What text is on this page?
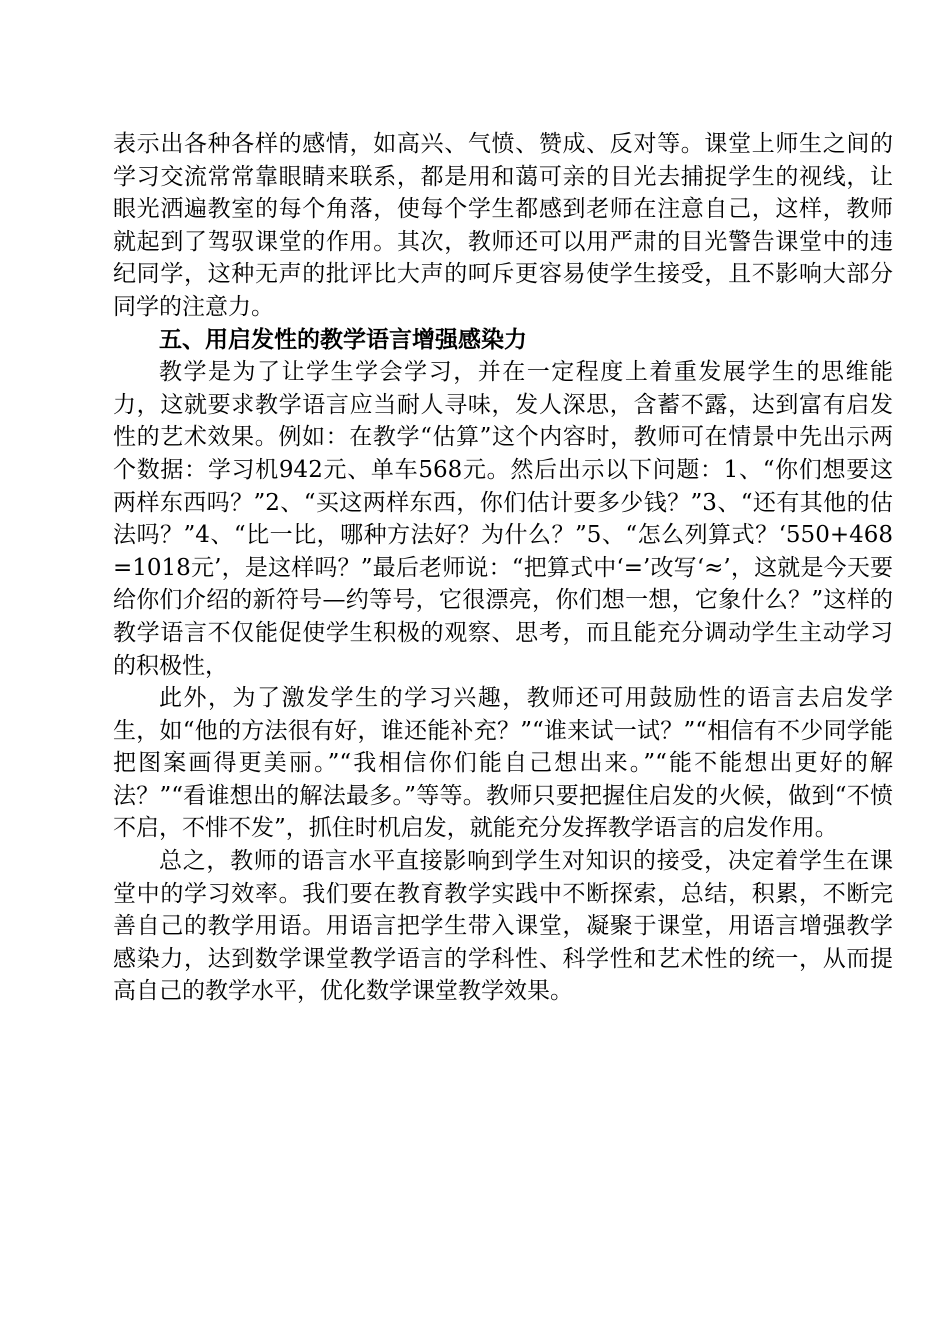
表示出各种各样的感情，如高兴、气愤、赞成、反对等。课堂上师生之间的学习交流常常靠眼睛来联系，都是用和蔼可亲的目光去捕捉学生的视线，让眼光洒遍教室的每个角落，使每个学生都感到老师在注意自己，这样，教师就起到了驾驭课堂的作用。其次，教师还可以用严肃的目光警告课堂中的违纪同学，这种无声的批评比大声的呵斥更容易使学生接受，且不影响大部分同学的注意力。

五、用启发性的教学语言增强感染力

教学是为了让学生学会学习，并在一定程度上着重发展学生的思维能力，这就要求教学语言应当耐人寻味，发人深思，含蓄不露，达到富有启发性的艺术效果。例如：在教学“估算”这个内容时，教师可在情景中先出示两个数据：学习机942元、单车568元。然后出示以下问题：1、“你们想要这两样东西吗？”2、“买这两样东西，你们估计要多少钱？”3、“还有其他的估法吗？”4、“比一比，哪种方法好？为什么？”5、“怎么列算式？‘550+468=1018元’，是这样吗？”最后老师说：“把算式中‘=’改写‘≈’，这就是今天要给你们介绍的新符号—约等号，它很漂亮，你们想一想，它象什么？”这样的教学语言不仅能促使学生积极的观察、思考，而且能充分调动学生主动学习的积极性，

此外，为了激发学生的学习兴趣，教师还可用鼓励性的语言去启发学生，如“他的方法很有好，谁还能补充？”“谁来试一试？”“相信有不少同学能把图案画得更美丽。”“我相信你们能自己想出来。”“能不能想出更好的解法？”“看谁想出的解法最多。”等等。教师只要把握住启发的火候，做到“不愤不启，不悱不发”，抓住时机启发，就能充分发挥教学语言的启发作用。

总之，教师的语言水平直接影响到学生对知识的接受，决定着学生在课堂中的学习效率。我们要在教育教学实践中不断探索，总结，积累，不断完善自己的教学用语。用语言把学生带入课堂，凝聚于课堂，用语言增强教学感染力，达到数学课堂教学语言的学科性、科学性和艺术性的统一，从而提高自己的教学水平，优化数学课堂教学效果。
